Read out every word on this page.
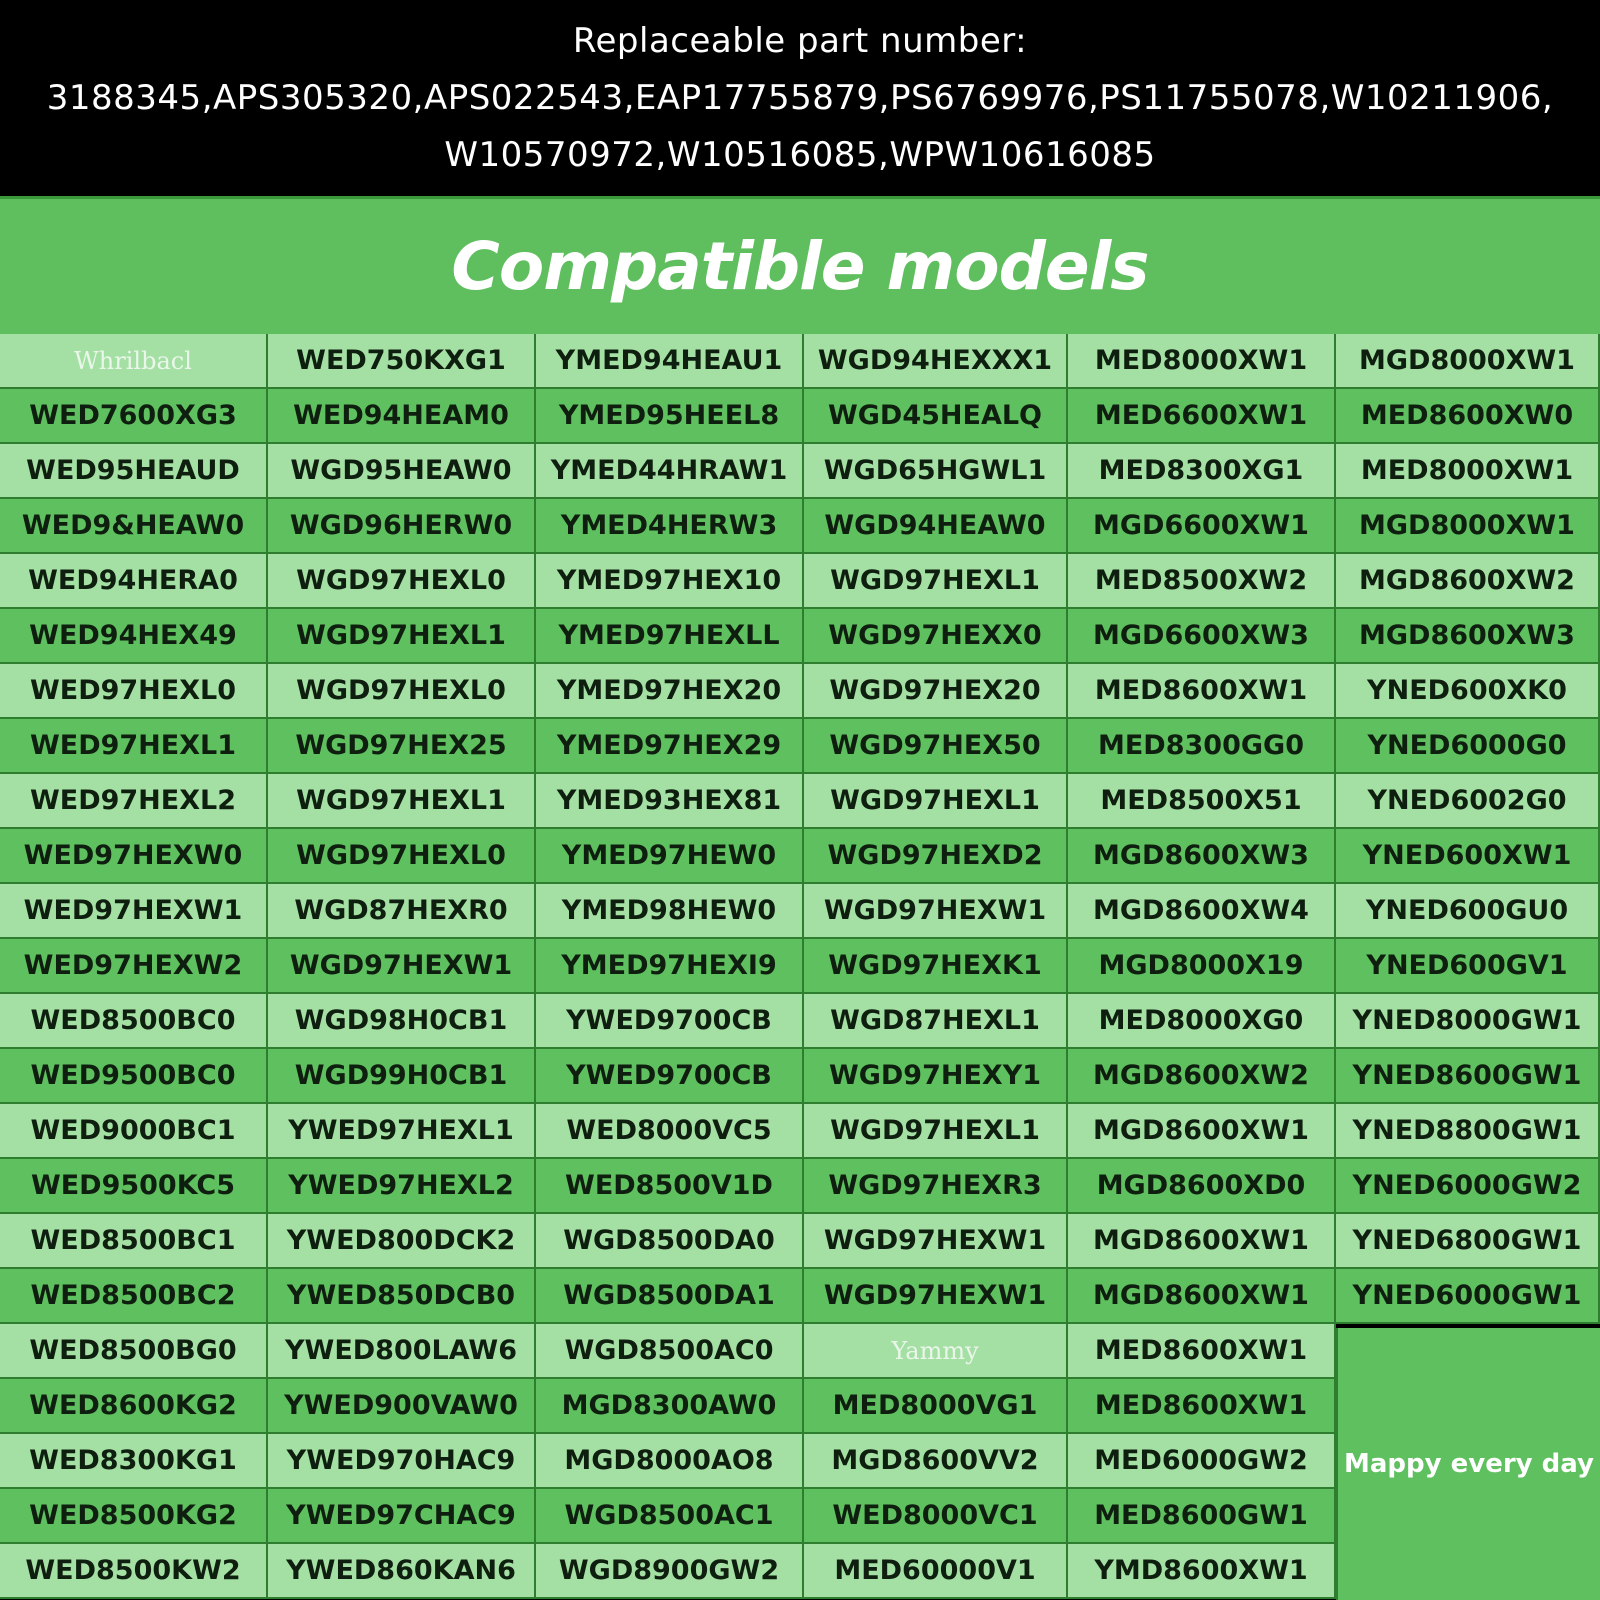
Replaceable part number:
3188345,APS305320,APS022543,EAP17755879,PS6769976,PS11755078,W10211906,
W10570972,W10516085,WPW10616085
Compatible models
Whrilbacl	WED750KXG1	YMED94HEAU1	WGD94HEXXX1	MED8000XW1	MGD8000XW1
WED7600XG3	WED94HEAM0	YMED95HEEL8	WGD45HEALQ	MED6600XW1	MED8600XW0
WED95HEAUD	WGD95HEAW0	YMED44HRAW1	WGD65HGWL1	MED8300XG1	MED8000XW1
WED9&HEAW0	WGD96HERW0	YMED4HERW3	WGD94HEAW0	MGD6600XW1	MGD8000XW1
WED94HERA0	WGD97HEXL0	YMED97HEX10	WGD97HEXL1	MED8500XW2	MGD8600XW2
WED94HEX49	WGD97HEXL1	YMED97HEXLL	WGD97HEXX0	MGD6600XW3	MGD8600XW3
WED97HEXL0	WGD97HEXL0	YMED97HEX20	WGD97HEX20	MED8600XW1	YNED600XK0
WED97HEXL1	WGD97HEX25	YMED97HEX29	WGD97HEX50	MED8300GG0	YNED6000G0
WED97HEXL2	WGD97HEXL1	YMED93HEX81	WGD97HEXL1	MED8500X51	YNED6002G0
WED97HEXW0	WGD97HEXL0	YMED97HEW0	WGD97HEXD2	MGD8600XW3	YNED600XW1
WED97HEXW1	WGD87HEXR0	YMED98HEW0	WGD97HEXW1	MGD8600XW4	YNED600GU0
WED97HEXW2	WGD97HEXW1	YMED97HEXI9	WGD97HEXK1	MGD8000X19	YNED600GV1
WED8500BC0	WGD98H0CB1	YWED9700CB	WGD87HEXL1	MED8000XG0	YNED8000GW1
WED9500BC0	WGD99H0CB1	YWED9700CB	WGD97HEXY1	MGD8600XW2	YNED8600GW1
WED9000BC1	YWED97HEXL1	WED8000VC5	WGD97HEXL1	MGD8600XW1	YNED8800GW1
WED9500KC5	YWED97HEXL2	WED8500V1D	WGD97HEXR3	MGD8600XD0	YNED6000GW2
WED8500BC1	YWED800DCK2	WGD8500DA0	WGD97HEXW1	MGD8600XW1	YNED6800GW1
WED8500BC2	YWED850DCB0	WGD8500DA1	WGD97HEXW1	MGD8600XW1	YNED6000GW1
WED8500BG0	YWED800LAW6	WGD8500AC0	Yammy	MED8600XW1
WED8600KG2	YWED900VAW0	MGD8300AW0	MED8000VG1	MED8600XW1
WED8300KG1	YWED970HAC9	MGD8000AO8	MGD8600VV2	MED6000GW2
WED8500KG2	YWED97CHAC9	WGD8500AC1	WED8000VC1	MED8600GW1
WED8500KW2	YWED860KAN6	WGD8900GW2	MED60000V1	YMD8600XW1
Mappy every day
